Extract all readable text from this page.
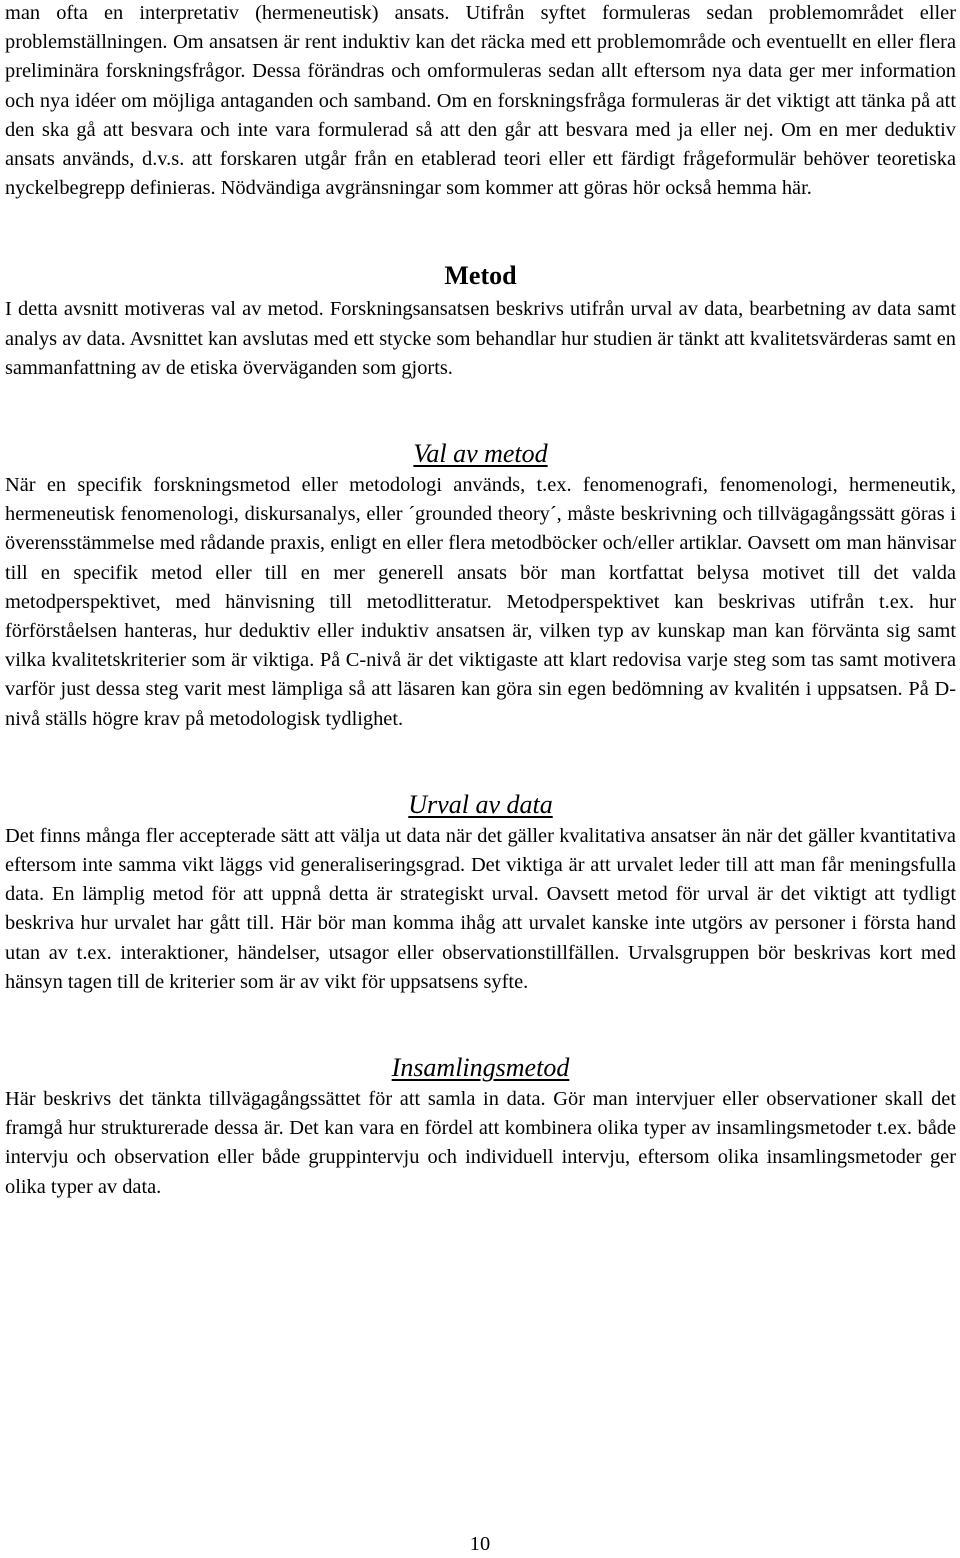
man ofta en interpretativ (hermeneutisk) ansats. Utifrån syftet formuleras sedan problemområdet eller problemställningen. Om ansatsen är rent induktiv kan det räcka med ett problemområde och eventuellt en eller flera preliminära forskningsfrågor. Dessa förändras och omformuleras sedan allt eftersom nya data ger mer information och nya idéer om möjliga antaganden och samband. Om en forskningsfråga formuleras är det viktigt att tänka på att den ska gå att besvara och inte vara formulerad så att den går att besvara med ja eller nej. Om en mer deduktiv ansats används, d.v.s. att forskaren utgår från en etablerad teori eller ett färdigt frågeformulär behöver teoretiska nyckelbegrepp definieras. Nödvändiga avgränsningar som kommer att göras hör också hemma här.

Metod

I detta avsnitt motiveras val av metod. Forskningsansatsen beskrivs utifrån urval av data, bearbetning av data samt analys av data. Avsnittet kan avslutas med ett stycke som behandlar hur studien är tänkt att kvalitetsvärderas samt en sammanfattning av de etiska överväganden som gjorts.

Val av metod

När en specifik forskningsmetod eller metodologi används, t.ex. fenomenografi, fenomenologi, hermeneutik, hermeneutisk fenomenologi, diskursanalys, eller ´grounded theory´, måste beskrivning och tillvägagångssätt göras i överensstämmelse med rådande praxis, enligt en eller flera metodböcker och/eller artiklar. Oavsett om man hänvisar till en specifik metod eller till en mer generell ansats bör man kortfattat belysa motivet till det valda metodperspektivet, med hänvisning till metodlitteratur. Metodperspektivet kan beskrivas utifrån t.ex. hur förförståelsen hanteras, hur deduktiv eller induktiv ansatsen är, vilken typ av kunskap man kan förvänta sig samt vilka kvalitetskriterier som är viktiga. På C-nivå är det viktigaste att klart redovisa varje steg som tas samt motivera varför just dessa steg varit mest lämpliga så att läsaren kan göra sin egen bedömning av kvalitén i uppsatsen. På D-nivå ställs högre krav på metodologisk tydlighet.

Urval av data

Det finns många fler accepterade sätt att välja ut data när det gäller kvalitativa ansatser än när det gäller kvantitativa eftersom inte samma vikt läggs vid generaliseringsgrad. Det viktiga är att urvalet leder till att man får meningsfulla data. En lämplig metod för att uppnå detta är strategiskt urval. Oavsett metod för urval är det viktigt att tydligt beskriva hur urvalet har gått till. Här bör man komma ihåg att urvalet kanske inte utgörs av personer i första hand utan av t.ex. interaktioner, händelser, utsagor eller observationstillfällen. Urvalsgruppen bör beskrivas kort med hänsyn tagen till de kriterier som är av vikt för uppsatsens syfte.

Insamlingsmetod

Här beskrivs det tänkta tillvägagångssättet för att samla in data. Gör man intervjuer eller observationer skall det framgå hur strukturerade dessa är. Det kan vara en fördel att kombinera olika typer av insamlingsmetoder t.ex. både intervju och observation eller både gruppintervju och individuell intervju, eftersom olika insamlingsmetoder ger olika typer av data.

10
